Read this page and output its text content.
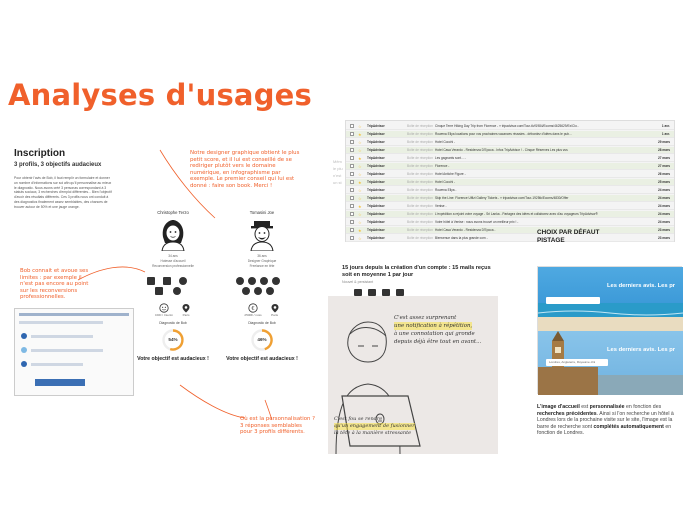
Analyses d'usages
Inscription
3 profils, 3 objectifs audacieux
Pour obtenir l'avis de Bob, il faut remplir un formulaire et donner un nombre d'informations sur soi afin qu'il personnalise au mieux le diagnostic. Nous avons créé 3 personas correspondant à 3 statuts sociaux, 3 recherches d'emploi différentes... Bien l'objectif d'avoir des résultats différents. Ces 3 profils nous ont conduit à des diagnostics finalement assez semblables, des chances de trouver autour de 50% et une jauge orange.
Christophe Terzo
34 ans
Hotesse d'accueil
Reconversion professionnelle
CDD / Interim	Paris
Diagnostic de Bob
54%
Votre objectif est audacieux !
Tomasini Joe
36 ans
Designer Graphique
Freelance en tête
€
2500€ / mois	Paris
Diagnostic de Bob
46%
Votre objectif est audacieux !
Notre designer graphique obtient le plus petit score, et il lui est conseillé de se rediriger plutôt vers le domaine numérique, en infographisme par exemple. Le premier conseil qui lui est donné : faire son book. Merci !
Bob connait et avoue ses limites : par exemple il n'est pas encore au point sur les reconversions professionnelles.
Où est la personnalisation ? 3 réponses semblables pour 3 profils différents.
Mêm
le plu
n'est
un st
☆	TripAdvisor	Boîte de réception Cinque Terre Hiking Day Trip from Florence - « tripadvisor.com/Tour-tk/f1984/Ecoms/4625629/Ex/Clo..	1 avr.
★	TripAdvisor	Boîte de réception Rowena Ellya locations pour vos prochaines vacances réussies - débordez d'idées dans le pub...	1 avr.
☆	TripAdvisor	Boîte de réception Hotel Cocchi -	29 mars
☆	TripAdvisor	Boîte de réception Hotel Casa Verardo - Residenza D'Epoca - Infos TripAdvisor ! - Cinque Réserves Les plus vus	28 mars
★	TripAdvisor	Boîte de réception Les gagnants sont... -	27 mars
☆	TripAdvisor	Boîte de réception Florence -	27 mars
☆	TripAdvisor	Boîte de réception Hotel Antiche Figure -	26 mars
★	TripAdvisor	Boîte de réception Hotel Cocchi -	25 mars
☆	TripAdvisor	Boîte de réception Rowena Ellya -	24 mars
☆	TripAdvisor	Boîte de réception Skip the Line: Florence Uffizi Gallery Tickets - « tripadvisor.com/Tour-1925tk/Ecoms/4830/Offer	24 mars
★	TripAdvisor	Boîte de réception Venise -	24 mars
☆	TripAdvisor	Boîte de réception L'expédition a rejoint votre voyage - Sri Lanka - Partagez des idées et collaborez avec d'au voyageurs TripAdvisor®	24 mars
☆	TripAdvisor	Boîte de réception Votre hôtel à Venise : nous avons trouvé un meilleur prix ! -	24 mars
★	TripAdvisor	Boîte de réception Hotel Casa Verardo - Residenza D'Epoca -	23 mars
☆	TripAdvisor	Boîte de réception Bienvenue dans la plus grande com -	23 mars
15 jours depuis la création d'un compte : 15 mails reçus soit en moyenne 1 par jour
Nouvel & persistant
C'est assez surprenant
une notification à répétition,
à une connotation qui gronde
depuis déjà être tout en avant...
C'est fou se rendre
qu'un engagement de fusionner
la tête à la manière stressante
CHOIX PAR DÉFAUT
PISTAGE
Les derniers avis. Les pr
Les derniers avis. Les pr
Londres, Angleterre, Royaume-Uni
L'image d'accueil est personnalisée en fonction des recherches précédentes. Ainsi si l'on recherche un hôtel à Londres lors de la prochaine visite sur le site, l'image est la barre de recherche sont complétés automatiquement en fonction de Londres.
